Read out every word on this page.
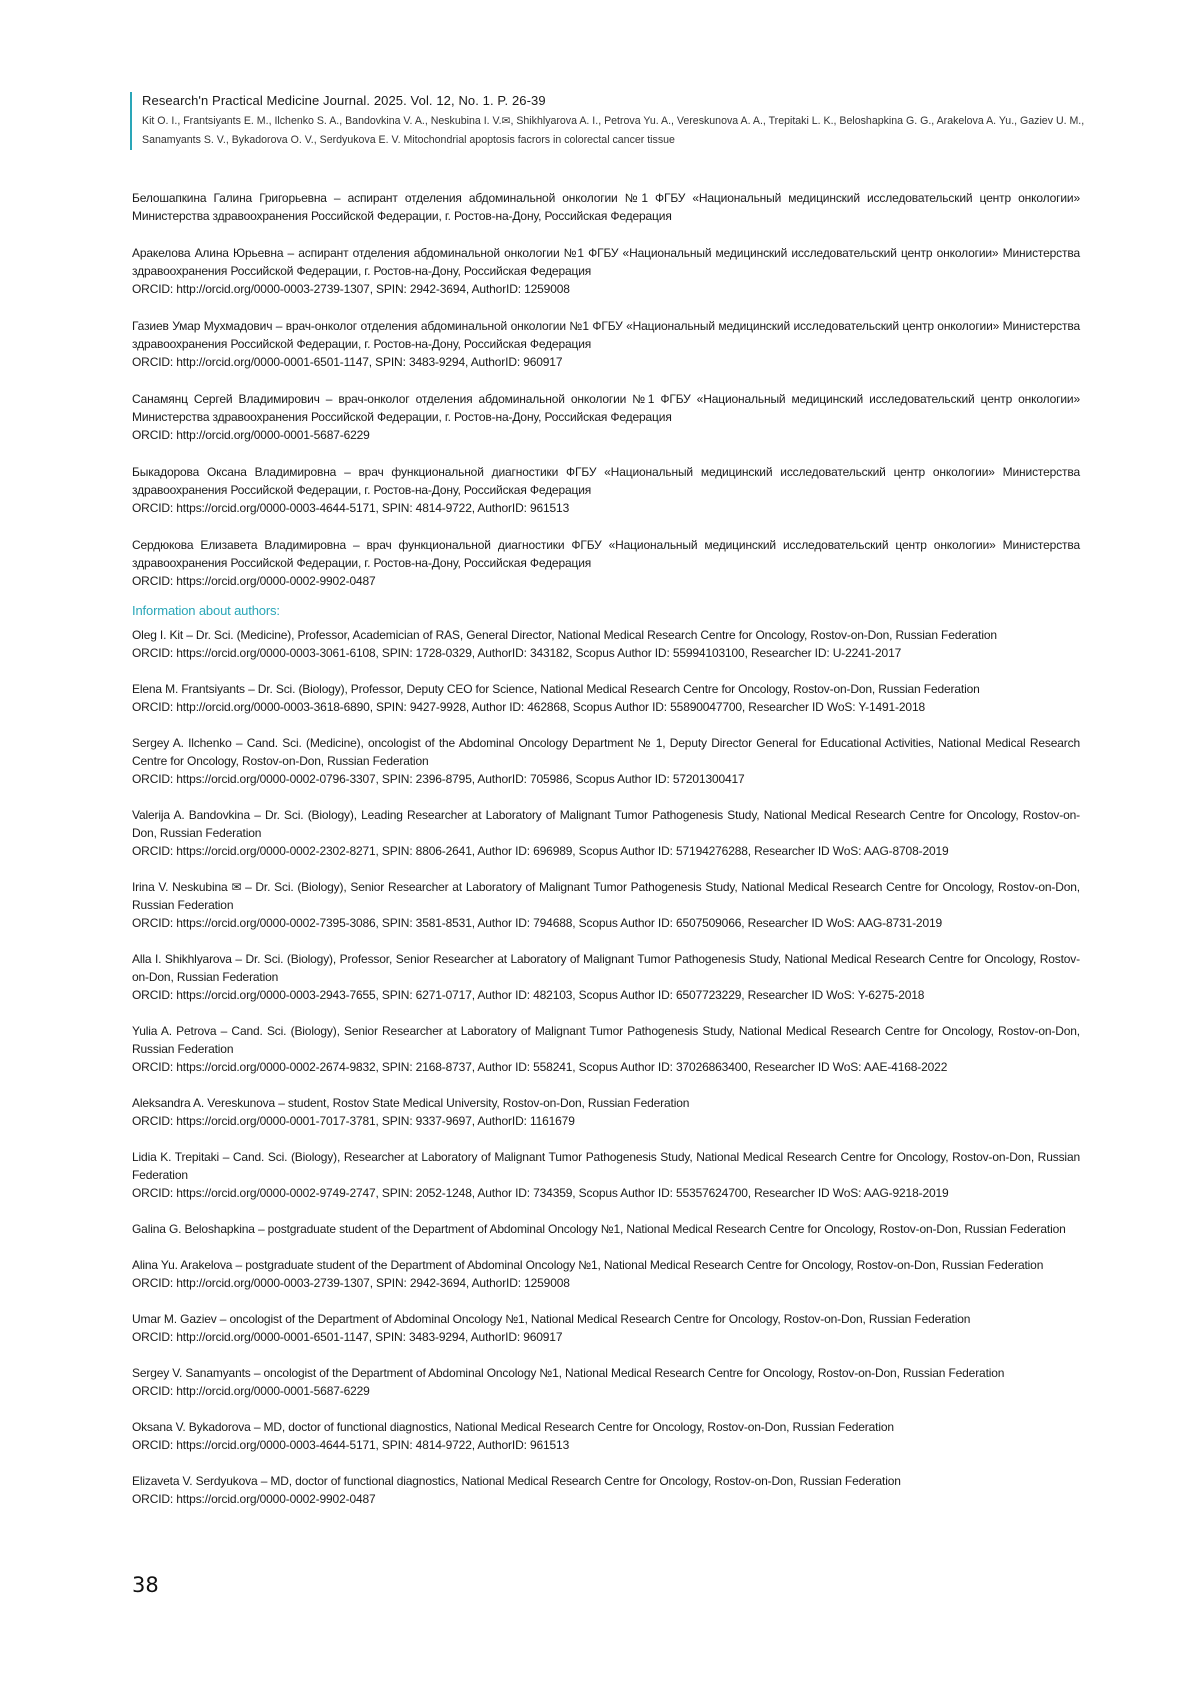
Research'n Practical Medicine Journal. 2025. Vol. 12, No. 1. P. 26-39
Kit O. I., Frantsiyants E. M., Ilchenko S. A., Bandovkina V. A., Neskubina I. V.✉, Shikhlyarova A. I., Petrova Yu. A., Vereskunova A. A., Trepitaki L. K., Beloshapkina G. G., Arakelova A. Yu., Gaziev U. M., Sanamyants S. V., Bykadorova O. V., Serdyukova E. V. Mitochondrial apoptosis facrors in colorectal cancer tissue
Белошапкина Галина Григорьевна – аспирант отделения абдоминальной онкологии №1 ФГБУ «Национальный медицинский исследовательский центр онкологии» Министерства здравоохранения Российской Федерации, г. Ростов-на-Дону, Российская Федерация
Аракелова Алина Юрьевна – аспирант отделения абдоминальной онкологии №1 ФГБУ «Национальный медицинский исследовательский центр онкологии» Министерства здравоохранения Российской Федерации, г. Ростов-на-Дону, Российская Федерация
ORCID: http://orcid.org/0000-0003-2739-1307, SPIN: 2942-3694, AuthorID: 1259008
Газиев Умар Мухмадович – врач-онколог отделения абдоминальной онкологии №1 ФГБУ «Национальный медицинский исследовательский центр онкологии» Министерства здравоохранения Российской Федерации, г. Ростов-на-Дону, Российская Федерация
ORCID: http://orcid.org/0000-0001-6501-1147, SPIN: 3483-9294, AuthorID: 960917
Санамянц Сергей Владимирович – врач-онколог отделения абдоминальной онкологии №1 ФГБУ «Национальный медицинский исследовательский центр онкологии» Министерства здравоохранения Российской Федерации, г. Ростов-на-Дону, Российская Федерация
ORCID: http://orcid.org/0000-0001-5687-6229
Быкадорова Оксана Владимировна – врач функциональной диагностики ФГБУ «Национальный медицинский исследовательский центр онкологии» Министерства здравоохранения Российской Федерации, г. Ростов-на-Дону, Российская Федерация
ORCID: https://orcid.org/0000-0003-4644-5171, SPIN: 4814-9722, AuthorID: 961513
Сердюкова Елизавета Владимировна – врач функциональной диагностики ФГБУ «Национальный медицинский исследовательский центр онкологии» Министерства здравоохранения Российской Федерации, г. Ростов-на-Дону, Российская Федерация
ORCID: https://orcid.org/0000-0002-9902-0487
Information about authors:
Oleg I. Kit – Dr. Sci. (Medicine), Professor, Academician of RAS, General Director, National Medical Research Centre for Oncology, Rostov-on-Don, Russian Federation
ORCID: https://orcid.org/0000-0003-3061-6108, SPIN: 1728-0329, AuthorID: 343182, Scopus Author ID: 55994103100, Researcher ID: U-2241-2017
Elena M. Frantsiyants – Dr. Sci. (Biology), Professor, Deputy CEO for Science, National Medical Research Centre for Oncology, Rostov-on-Don, Russian Federation
ORCID: http://orcid.org/0000-0003-3618-6890, SPIN: 9427-9928, Author ID: 462868, Scopus Author ID: 55890047700, Researcher ID WoS: Y-1491-2018
Sergey A. Ilchenko – Cand. Sci. (Medicine), oncologist of the Abdominal Oncology Department № 1, Deputy Director General for Educational Activities, National Medical Research Centre for Oncology, Rostov-on-Don, Russian Federation
ORCID: https://orcid.org/0000-0002-0796-3307, SPIN: 2396-8795, AuthorID: 705986, Scopus Author ID: 57201300417
Valerija A. Bandovkina – Dr. Sci. (Biology), Leading Researcher at Laboratory of Malignant Tumor Pathogenesis Study, National Medical Research Centre for Oncology, Rostov-on-Don, Russian Federation
ORCID: https://orcid.org/0000-0002-2302-8271, SPIN: 8806-2641, Author ID: 696989, Scopus Author ID: 57194276288, Researcher ID WoS: AAG-8708-2019
Irina V. Neskubina ✉ – Dr. Sci. (Biology), Senior Researcher at Laboratory of Malignant Tumor Pathogenesis Study, National Medical Research Centre for Oncology, Rostov-on-Don, Russian Federation
ORCID: https://orcid.org/0000-0002-7395-3086, SPIN: 3581-8531, Author ID: 794688, Scopus Author ID: 6507509066, Researcher ID WoS: AAG-8731-2019
Alla I. Shikhlyarova – Dr. Sci. (Biology), Professor, Senior Researcher at Laboratory of Malignant Tumor Pathogenesis Study, National Medical Research Centre for Oncology, Rostov-on-Don, Russian Federation
ORCID: https://orcid.org/0000-0003-2943-7655, SPIN: 6271-0717, Author ID: 482103, Scopus Author ID: 6507723229, Researcher ID WoS: Y-6275-2018
Yulia A. Petrova – Cand. Sci. (Biology), Senior Researcher at Laboratory of Malignant Tumor Pathogenesis Study, National Medical Research Centre for Oncology, Rostov-on-Don, Russian Federation
ORCID: https://orcid.org/0000-0002-2674-9832, SPIN: 2168-8737, Author ID: 558241, Scopus Author ID: 37026863400, Researcher ID WoS: AAE-4168-2022
Aleksandra A. Vereskunova – student, Rostov State Medical University, Rostov-on-Don, Russian Federation
ORCID: https://orcid.org/0000-0001-7017-3781, SPIN: 9337-9697, AuthorID: 1161679
Lidia K. Trepitaki – Cand. Sci. (Biology), Researcher at Laboratory of Malignant Tumor Pathogenesis Study, National Medical Research Centre for Oncology, Rostov-on-Don, Russian Federation
ORCID: https://orcid.org/0000-0002-9749-2747, SPIN: 2052-1248, Author ID: 734359, Scopus Author ID: 55357624700, Researcher ID WoS: AAG-9218-2019
Galina G. Beloshapkina – postgraduate student of the Department of Abdominal Oncology №1, National Medical Research Centre for Oncology, Rostov-on-Don, Russian Federation
Alina Yu. Arakelova – postgraduate student of the Department of Abdominal Oncology №1, National Medical Research Centre for Oncology, Rostov-on-Don, Russian Federation
ORCID: http://orcid.org/0000-0003-2739-1307, SPIN: 2942-3694, AuthorID: 1259008
Umar M. Gaziev – oncologist of the Department of Abdominal Oncology №1, National Medical Research Centre for Oncology, Rostov-on-Don, Russian Federation
ORCID: http://orcid.org/0000-0001-6501-1147, SPIN: 3483-9294, AuthorID: 960917
Sergey V. Sanamyants – oncologist of the Department of Abdominal Oncology №1, National Medical Research Centre for Oncology, Rostov-on-Don, Russian Federation
ORCID: http://orcid.org/0000-0001-5687-6229
Oksana V. Bykadorova – MD, doctor of functional diagnostics, National Medical Research Centre for Oncology, Rostov-on-Don, Russian Federation
ORCID: https://orcid.org/0000-0003-4644-5171, SPIN: 4814-9722, AuthorID: 961513
Elizaveta V. Serdyukova – MD, doctor of functional diagnostics, National Medical Research Centre for Oncology, Rostov-on-Don, Russian Federation
ORCID: https://orcid.org/0000-0002-9902-0487
38
